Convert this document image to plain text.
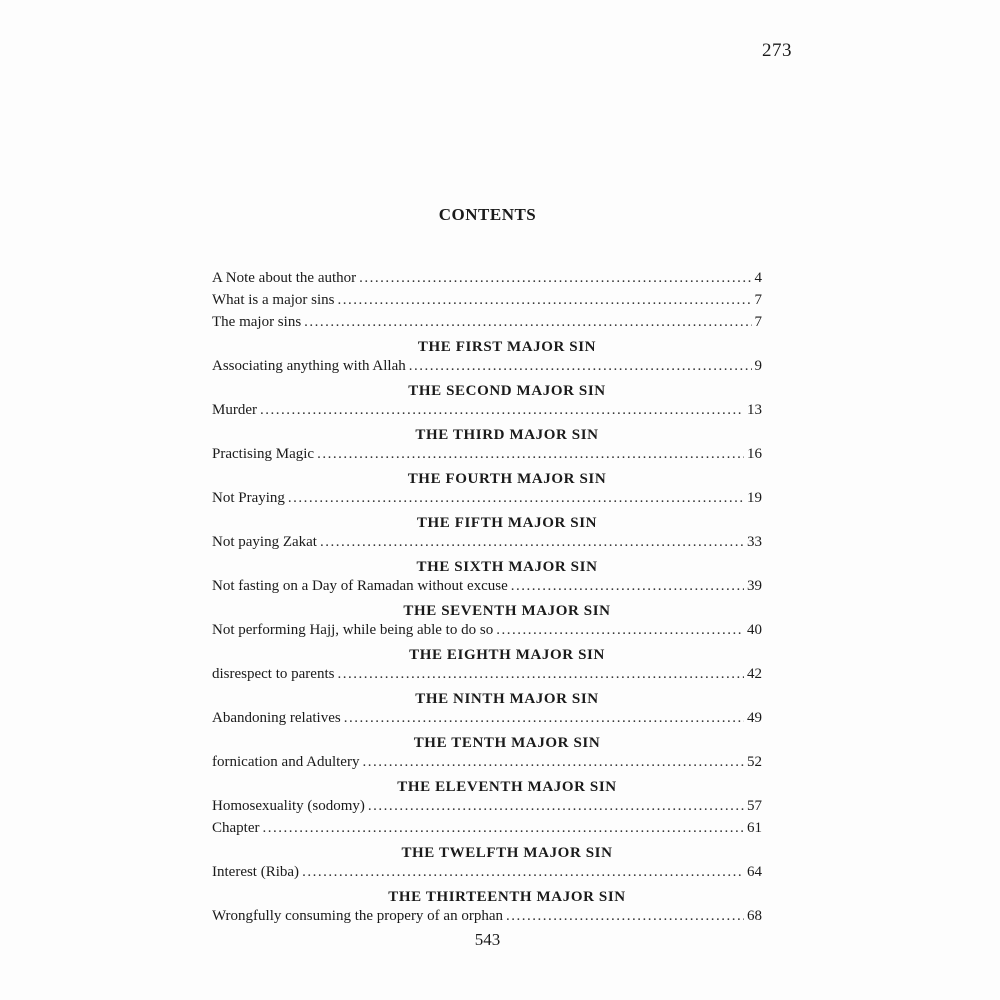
273
CONTENTS
A Note about the author .....	4
What is a major sins .....	7
The major sins .....	7
THE FIRST MAJOR SIN
Associating anything with Allah .....	9
THE SECOND MAJOR SIN
Murder .....	13
THE THIRD MAJOR SIN
Practising Magic .....	16
THE FOURTH MAJOR SIN
Not Praying .....	19
THE FIFTH MAJOR SIN
Not paying Zakat .....	33
THE SIXTH MAJOR SIN
Not fasting on a Day of Ramadan without excuse .....	39
THE SEVENTH MAJOR SIN
Not performing Hajj, while being able to do so .....	40
THE EIGHTH MAJOR SIN
disrespect to parents .....	42
THE NINTH MAJOR SIN
Abandoning relatives .....	49
THE TENTH MAJOR SIN
fornication and Adultery .....	52
THE ELEVENTH MAJOR SIN
Homosexuality (sodomy) .....	57
Chapter .....	61
THE TWELFTH MAJOR SIN
Interest (Riba) .....	64
THE THIRTEENTH MAJOR SIN
Wrongfully consuming the propery of an orphan .....	68
543
